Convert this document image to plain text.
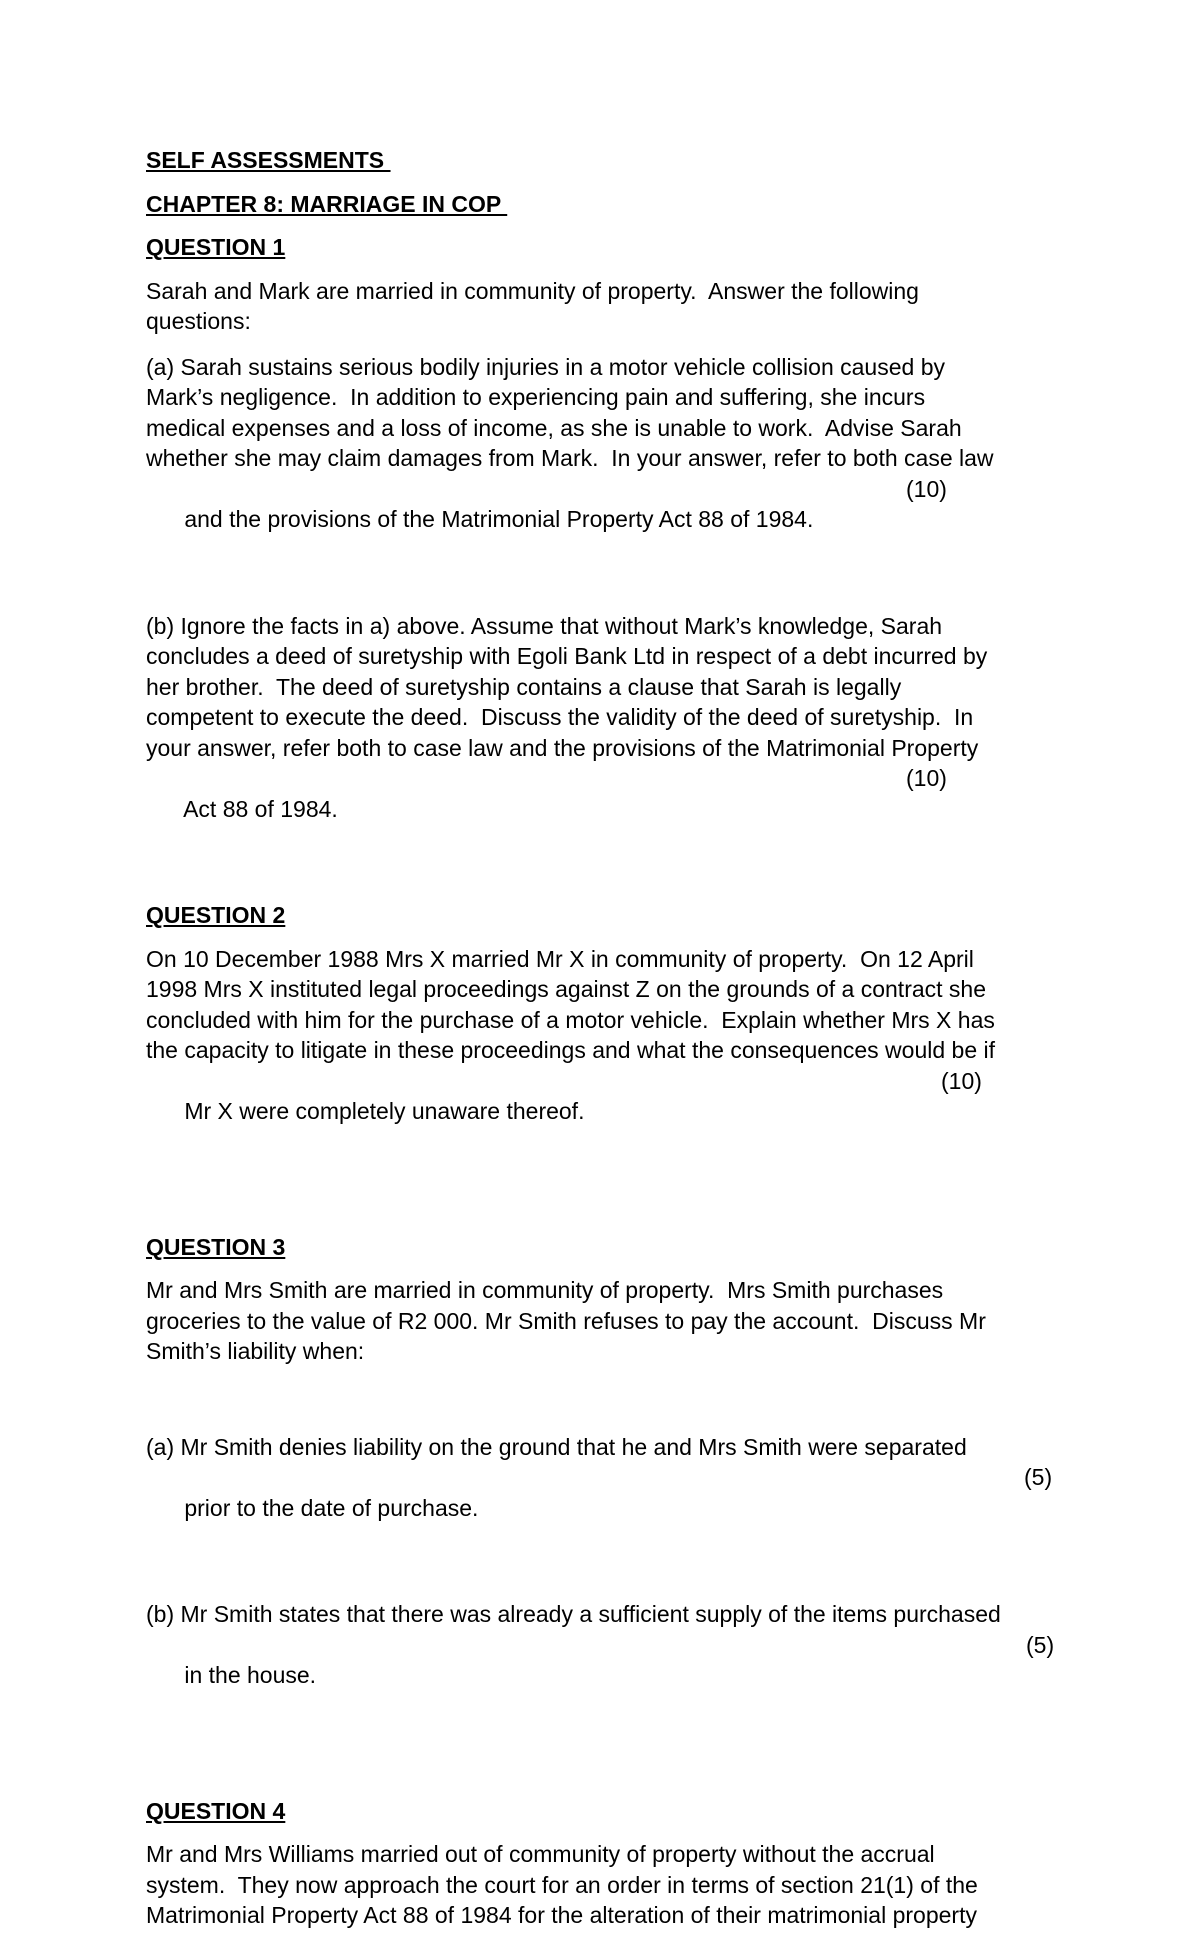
SELF ASSESSMENTS
CHAPTER 8: MARRIAGE IN COP
QUESTION 1
Sarah and Mark are married in community of property.  Answer the following
questions:
(a) Sarah sustains serious bodily injuries in a motor vehicle collision caused by
Mark’s negligence.  In addition to experiencing pain and suffering, she incurs
medical expenses and a loss of income, as she is unable to work.  Advise Sarah
whether she may claim damages from Mark.  In your answer, refer to both case law

and the provisions of the Matrimonial Property Act 88 of 1984.

(10)

(b) Ignore the facts in a) above. Assume that without Mark’s knowledge, Sarah
concludes a deed of suretyship with Egoli Bank Ltd in respect of a debt incurred by
her brother.  The deed of suretyship contains a clause that Sarah is legally
competent to execute the deed.  Discuss the validity of the deed of suretyship.  In
your answer, refer both to case law and the provisions of the Matrimonial Property

Act 88 of 1984.

(10)

QUESTION 2
On 10 December 1988 Mrs X married Mr X in community of property.  On 12 April
1998 Mrs X instituted legal proceedings against Z on the grounds of a contract she
concluded with him for the purchase of a motor vehicle.  Explain whether Mrs X has
the capacity to litigate in these proceedings and what the consequences would be if

Mr X were completely unaware thereof.

(10)

QUESTION 3
Mr and Mrs Smith are married in community of property.  Mrs Smith purchases
groceries to the value of R2 000. Mr Smith refuses to pay the account.  Discuss Mr
Smith’s liability when:
(a) Mr Smith denies liability on the ground that he and Mrs Smith were separated

prior to the date of purchase.

(5)

(b) Mr Smith states that there was already a sufficient supply of the items purchased

in the house.

(5)

QUESTION 4
Mr and Mrs Williams married out of community of property without the accrual
system.  They now approach the court for an order in terms of section 21(1) of the
Matrimonial Property Act 88 of 1984 for the alteration of their matrimonial property
